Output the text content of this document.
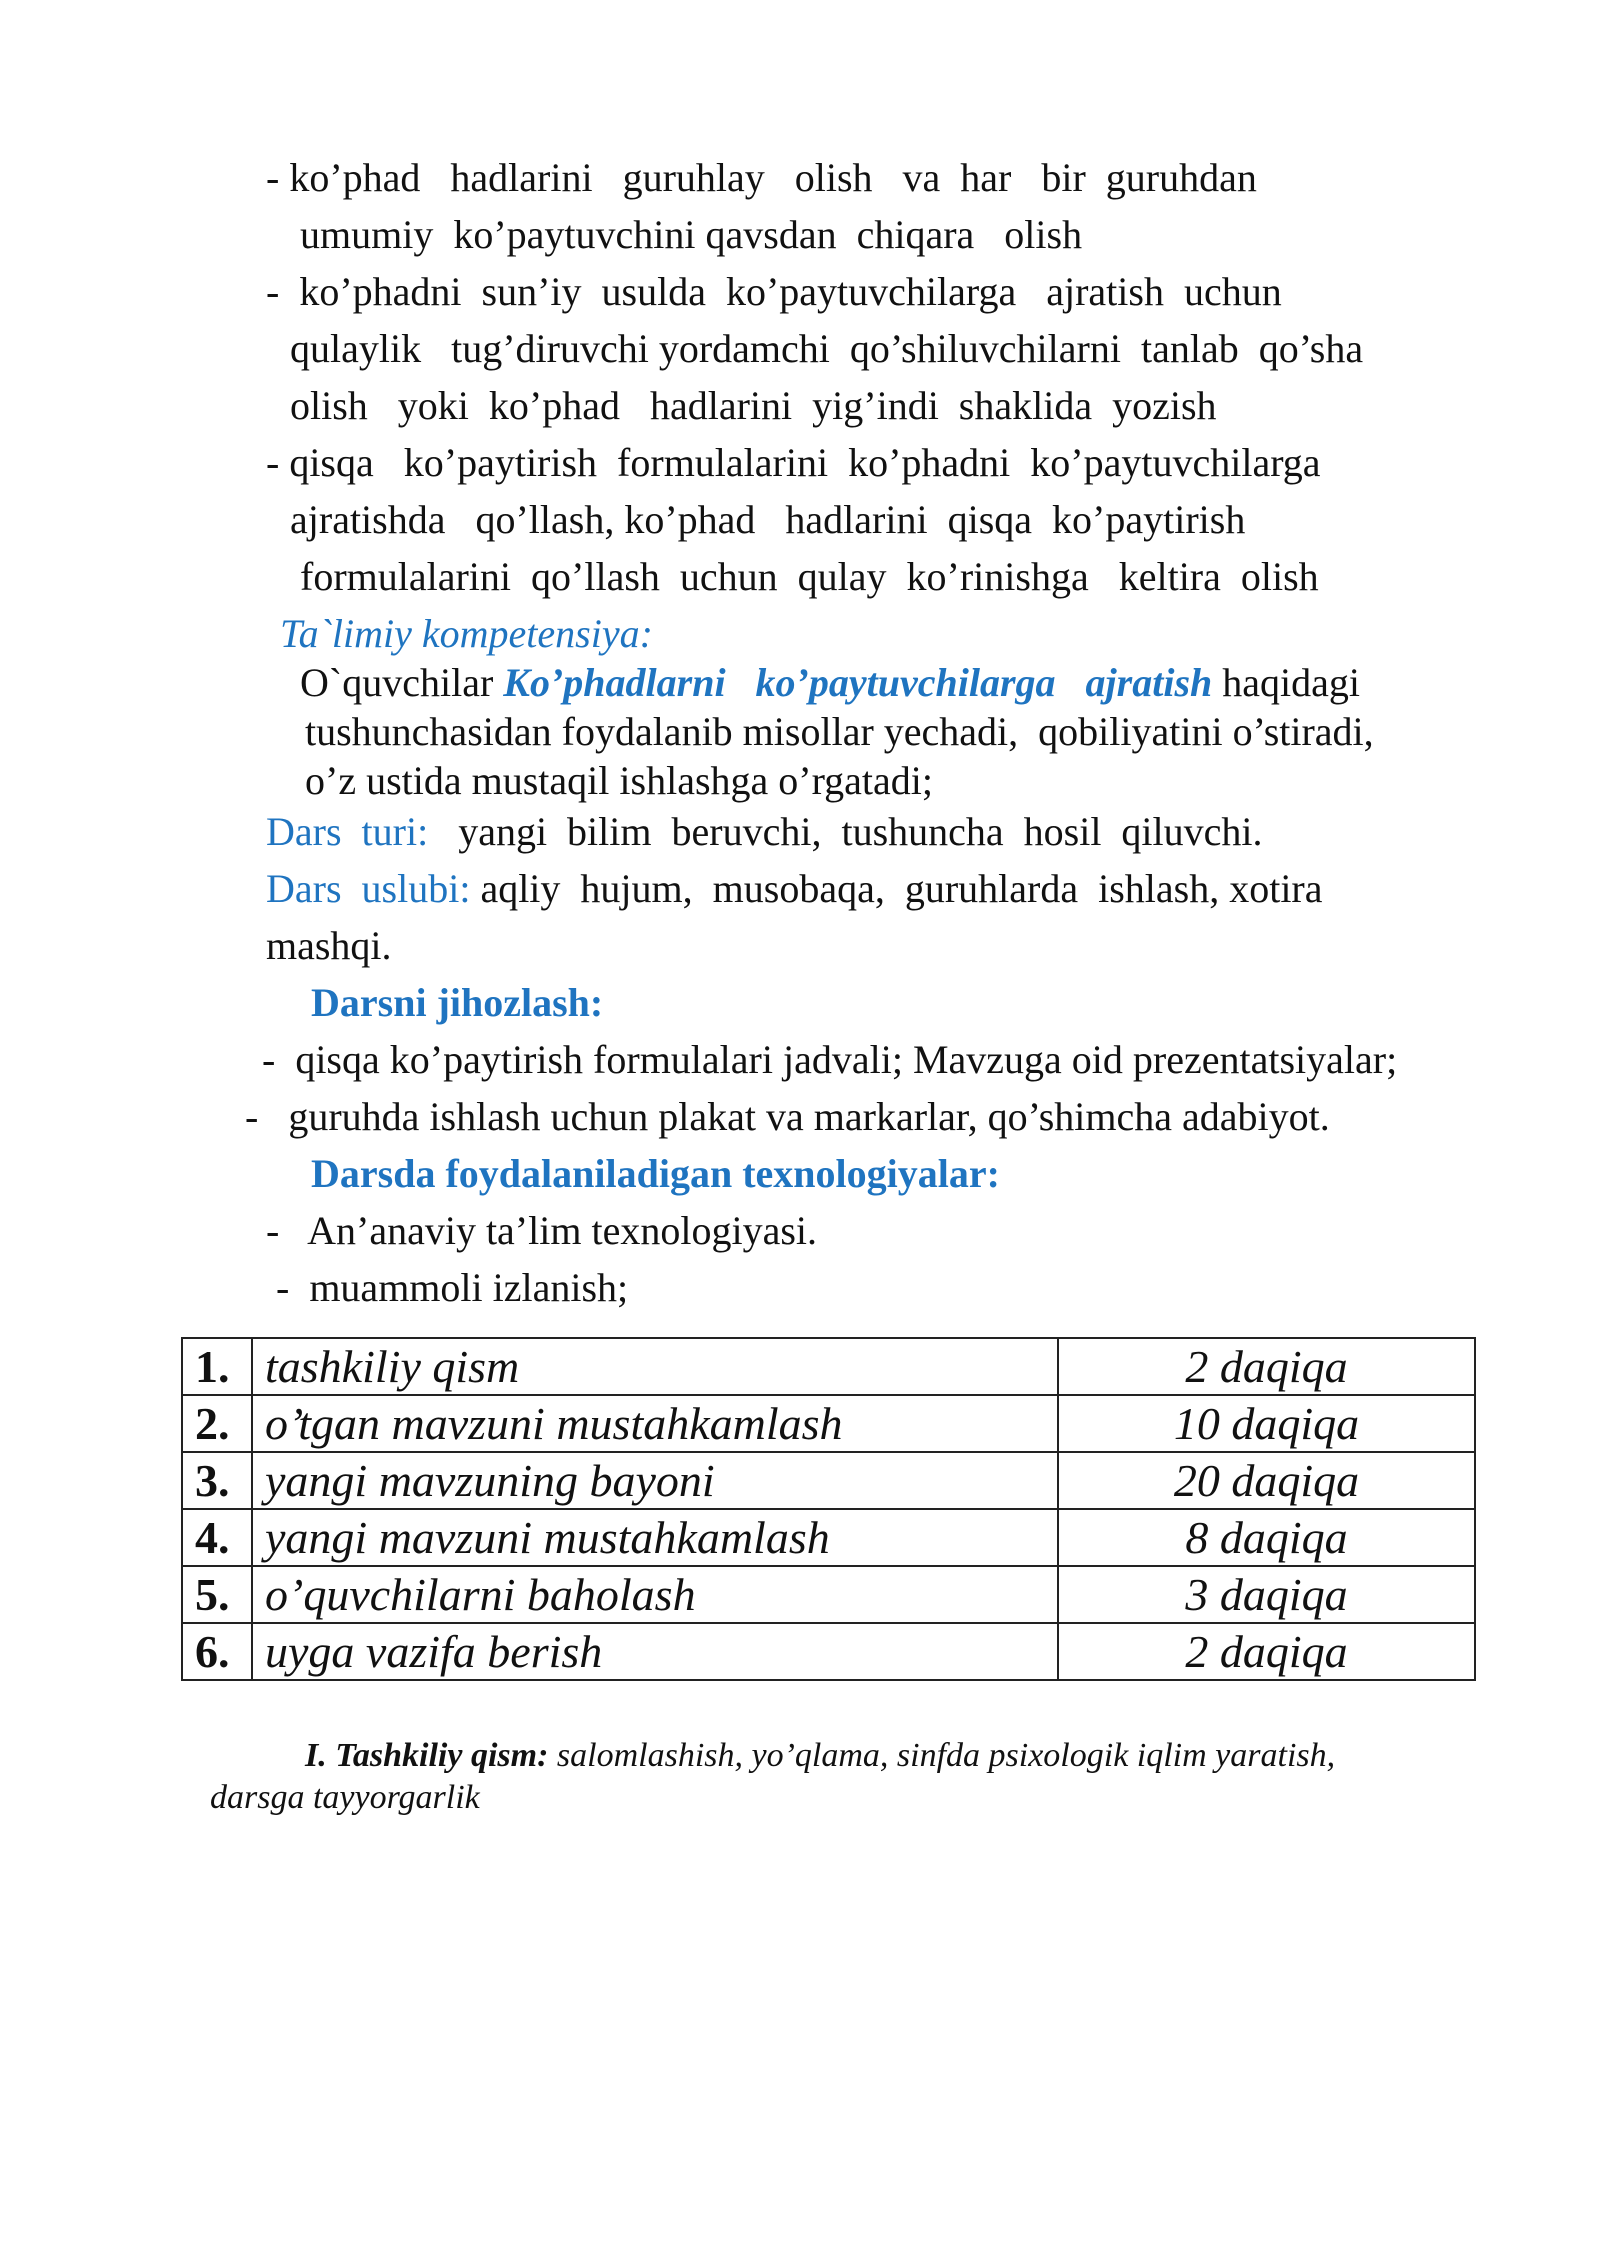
- ko’phad   hadlarini   guruhlay   olish   va  har   bir  guruhdan
umumiy  ko’paytuvchini qavsdan  chiqara   olish
-  ko’phadni  sun’iy  usulda  ko’paytuvchilarga   ajratish  uchun
qulaylik   tug’diruvchi yordamchi  qo’shiluvchilarni  tanlab  qo’sha
olish   yoki  ko’phad   hadlarini  yig’indi  shaklida  yozish
- qisqa   ko’paytirish  formulalarini  ko’phadni  ko’paytuvchilarga
ajratishda   qo’llash, ko’phad   hadlarini  qisqa  ko’paytirish
formulalarini  qo’llash  uchun  qulay  ko’rinishga   keltira  olish
Ta`limiy kompetensiya:
O`quvchilar Ko’phadlarni   ko’paytuvchilarga   ajratish haqidagi
tushunchasidan foydalanib misollar yechadi,  qobiliyatini o’stiradi,
o’z ustida mustaqil ishlashga o’rgatadi;
Dars  turi:   yangi  bilim  beruvchi,  tushuncha  hosil  qiluvchi.
Dars  uslubi: aqliy  hujum,  musobaqa,  guruhlarda  ishlash, xotira
mashqi.
Darsni jihozlash:
-  qisqa ko’paytirish formulalari jadvali; Mavzuga oid prezentatsiyalar;
-   guruhda ishlash uchun plakat va markarlar, qo’shimcha adabiyot.
Darsda foydalaniladigan texnologiyalar:
-   An’anaviy ta’lim texnologiyasi.
-  muammoli izlanish;
1.	tashkiliy qism	2 daqiqa
2.	o’tgan mavzuni mustahkamlash	10 daqiqa
3.	yangi mavzuning bayoni	20 daqiqa
4.	yangi mavzuni mustahkamlash	8 daqiqa
5.	o’quvchilarni baholash	3 daqiqa
6.	uyga vazifa berish	2 daqiqa
I. Tashkiliy qism: salomlashish, yo’qlama, sinfda psixologik iqlim yaratish,
darsga tayyorgarlik
